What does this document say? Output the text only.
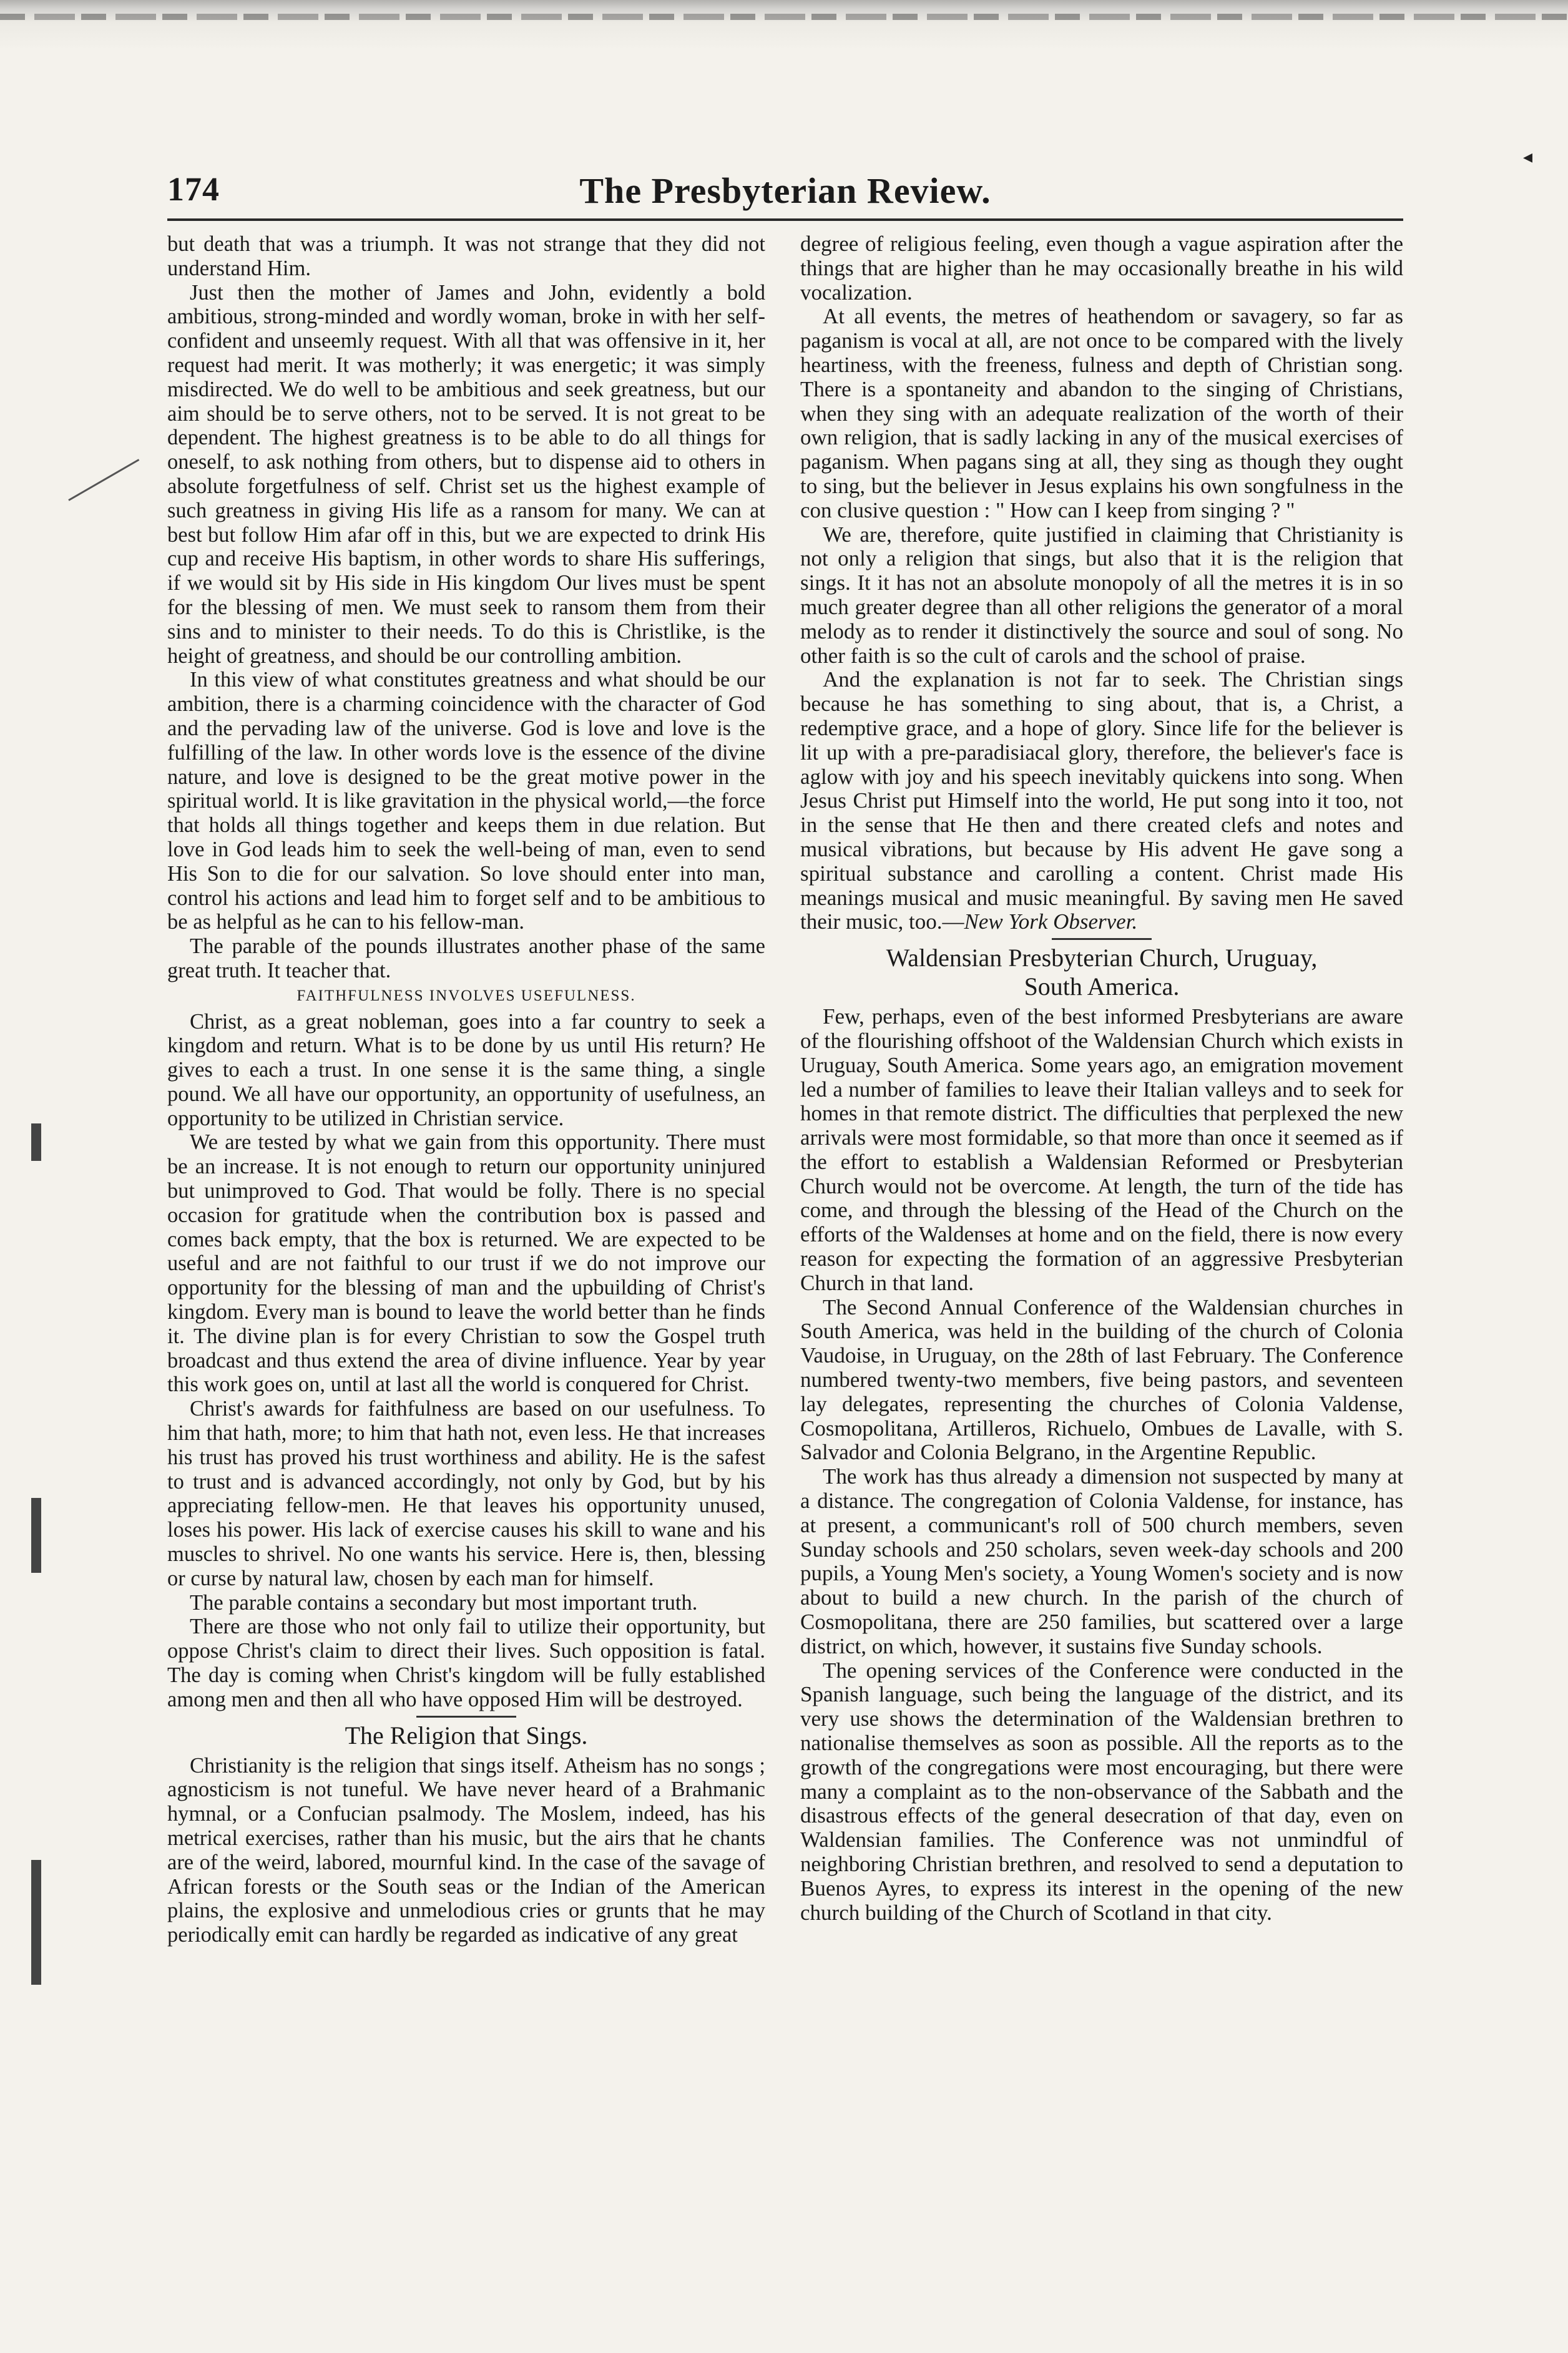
◂
174	The Presbyterian Review.

but death that was a triumph. It was not strange that they did not understand Him.

Just then the mother of James and John, evidently a bold ambitious, strong-minded and wordly woman, broke in with her self-confident and unseemly request. With all that was offensive in it, her request had merit. It was motherly; it was energetic; it was simply misdirected. We do well to be ambitious and seek greatness, but our aim should be to serve others, not to be served. It is not great to be dependent. The highest greatness is to be able to do all things for oneself, to ask nothing from others, but to dispense aid to others in absolute forgetfulness of self. Christ set us the highest example of such greatness in giving His life as a ransom for many. We can at best but follow Him afar off in this, but we are expected to drink His cup and receive His baptism, in other words to share His sufferings, if we would sit by His side in His kingdom Our lives must be spent for the blessing of men. We must seek to ransom them from their sins and to minister to their needs. To do this is Christlike, is the height of greatness, and should be our controlling ambition.

In this view of what constitutes greatness and what should be our ambition, there is a charming coincidence with the character of God and the pervading law of the universe. God is love and love is the fulfilling of the law. In other words love is the essence of the divine nature, and love is designed to be the great motive power in the spiritual world. It is like gravitation in the physical world,—the force that holds all things together and keeps them in due relation. But love in God leads him to seek the well-being of man, even to send His Son to die for our salvation. So love should enter into man, control his actions and lead him to forget self and to be ambitious to be as helpful as he can to his fellow-man.

The parable of the pounds illustrates another phase of the same great truth. It teacher that.

FAITHFULNESS INVOLVES USEFULNESS.

Christ, as a great nobleman, goes into a far country to seek a kingdom and return. What is to be done by us until His return? He gives to each a trust. In one sense it is the same thing, a single pound. We all have our opportunity, an opportunity of usefulness, an opportunity to be utilized in Christian service.

We are tested by what we gain from this opportunity. There must be an increase. It is not enough to return our opportunity uninjured but unimproved to God. That would be folly. There is no special occasion for gratitude when the contribution box is passed and comes back empty, that the box is returned. We are expected to be useful and are not faithful to our trust if we do not improve our opportunity for the blessing of man and the upbuilding of Christ's kingdom. Every man is bound to leave the world better than he finds it. The divine plan is for every Christian to sow the Gospel truth broadcast and thus extend the area of divine influence. Year by year this work goes on, until at last all the world is conquered for Christ.

Christ's awards for faithfulness are based on our usefulness. To him that hath, more; to him that hath not, even less. He that increases his trust has proved his trust worthiness and ability. He is the safest to trust and is advanced accordingly, not only by God, but by his appreciating fellow-men. He that leaves his opportunity unused, loses his power. His lack of exercise causes his skill to wane and his muscles to shrivel. No one wants his service. Here is, then, blessing or curse by natural law, chosen by each man for himself.

The parable contains a secondary but most important truth.

There are those who not only fail to utilize their opportunity, but oppose Christ's claim to direct their lives. Such opposition is fatal. The day is coming when Christ's kingdom will be fully established among men and then all who have opposed Him will be destroyed.

The Religion that Sings.

Christianity is the religion that sings itself. Atheism has no songs ; agnosticism is not tuneful. We have never heard of a Brahmanic hymnal, or a Confucian psalmody. The Moslem, indeed, has his metrical exercises, rather than his music, but the airs that he chants are of the weird, labored, mournful kind. In the case of the savage of African forests or the South seas or the Indian of the American plains, the explosive and unmelodious cries or grunts that he may periodically emit can hardly be regarded as indicative of any great

degree of religious feeling, even though a vague aspiration after the things that are higher than he may occasionally breathe in his wild vocalization.

At all events, the metres of heathendom or savagery, so far as paganism is vocal at all, are not once to be compared with the lively heartiness, with the freeness, fulness and depth of Christian song. There is a spontaneity and abandon to the singing of Christians, when they sing with an adequate realization of the worth of their own religion, that is sadly lacking in any of the musical exercises of paganism. When pagans sing at all, they sing as though they ought to sing, but the believer in Jesus explains his own songfulness in the con clusive question : " How can I keep from singing ? "

We are, therefore, quite justified in claiming that Christianity is not only a religion that sings, but also that it is the religion that sings. It it has not an absolute monopoly of all the metres it is in so much greater degree than all other religions the generator of a moral melody as to render it distinctively the source and soul of song. No other faith is so the cult of carols and the school of praise.

And the explanation is not far to seek. The Christian sings because he has something to sing about, that is, a Christ, a redemptive grace, and a hope of glory. Since life for the believer is lit up with a pre-paradisiacal glory, therefore, the believer's face is aglow with joy and his speech inevitably quickens into song. When Jesus Christ put Himself into the world, He put song into it too, not in the sense that He then and there created clefs and notes and musical vibrations, but because by His advent He gave song a spiritual substance and carolling a content. Christ made His meanings musical and music meaningful. By saving men He saved their music, too.—New York Observer.

Waldensian Presbyterian Church, Uruguay,
South America.

Few, perhaps, even of the best informed Presbyterians are aware of the flourishing offshoot of the Waldensian Church which exists in Uruguay, South America. Some years ago, an emigration movement led a number of families to leave their Italian valleys and to seek for homes in that remote district. The difficulties that perplexed the new arrivals were most formidable, so that more than once it seemed as if the effort to establish a Waldensian Reformed or Presbyterian Church would not be overcome. At length, the turn of the tide has come, and through the blessing of the Head of the Church on the efforts of the Waldenses at home and on the field, there is now every reason for expecting the formation of an aggressive Presbyterian Church in that land.

The Second Annual Conference of the Waldensian churches in South America, was held in the building of the church of Colonia Vaudoise, in Uruguay, on the 28th of last February. The Conference numbered twenty-two members, five being pastors, and seventeen lay delegates, representing the churches of Colonia Valdense, Cosmopolitana, Artilleros, Richuelo, Ombues de Lavalle, with S. Salvador and Colonia Belgrano, in the Argentine Republic.

The work has thus already a dimension not suspected by many at a distance. The congregation of Colonia Valdense, for instance, has at present, a communicant's roll of 500 church members, seven Sunday schools and 250 scholars, seven week-day schools and 200 pupils, a Young Men's society, a Young Women's society and is now about to build a new church. In the parish of the church of Cosmopolitana, there are 250 families, but scattered over a large district, on which, however, it sustains five Sunday schools.

The opening services of the Conference were conducted in the Spanish language, such being the language of the district, and its very use shows the determination of the Waldensian brethren to nationalise themselves as soon as possible. All the reports as to the growth of the congregations were most encouraging, but there were many a complaint as to the non-observance of the Sabbath and the disastrous effects of the general desecration of that day, even on Waldensian families. The Conference was not unmindful of neighboring Christian brethren, and resolved to send a deputation to Buenos Ayres, to express its interest in the opening of the new church building of the Church of Scotland in that city.
